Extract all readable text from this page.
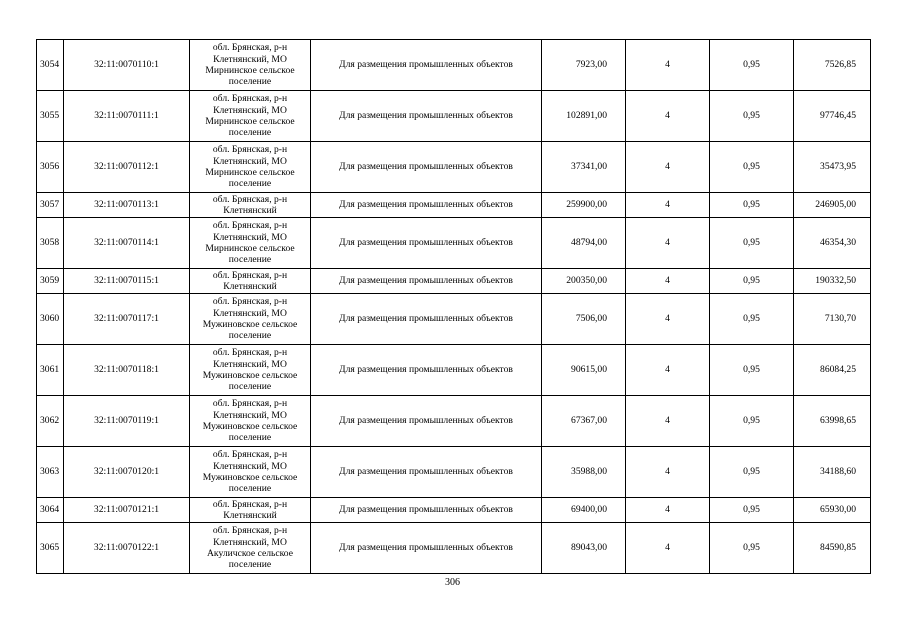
3054	32:11:0070110:1	обл. Брянская, р-н
Клетнянский, МО
Мирнинское сельское
поселение	Для размещения промышленных объектов	7923,00	4	0,95	7526,85
3055	32:11:0070111:1	обл. Брянская, р-н
Клетнянский, МО
Мирнинское сельское
поселение	Для размещения промышленных объектов	102891,00	4	0,95	97746,45
3056	32:11:0070112:1	обл. Брянская, р-н
Клетнянский, МО
Мирнинское сельское
поселение	Для размещения промышленных объектов	37341,00	4	0,95	35473,95
3057	32:11:0070113:1	обл. Брянская, р-н
Клетнянский	Для размещения промышленных объектов	259900,00	4	0,95	246905,00
3058	32:11:0070114:1	обл. Брянская, р-н
Клетнянский, МО
Мирнинское сельское
поселение	Для размещения промышленных объектов	48794,00	4	0,95	46354,30
3059	32:11:0070115:1	обл. Брянская, р-н
Клетнянский	Для размещения промышленных объектов	200350,00	4	0,95	190332,50
3060	32:11:0070117:1	обл. Брянская, р-н
Клетнянский, МО
Мужиновское сельское
поселение	Для размещения промышленных объектов	7506,00	4	0,95	7130,70
3061	32:11:0070118:1	обл. Брянская, р-н
Клетнянский, МО
Мужиновское сельское
поселение	Для размещения промышленных объектов	90615,00	4	0,95	86084,25
3062	32:11:0070119:1	обл. Брянская, р-н
Клетнянский, МО
Мужиновское сельское
поселение	Для размещения промышленных объектов	67367,00	4	0,95	63998,65
3063	32:11:0070120:1	обл. Брянская, р-н
Клетнянский, МО
Мужиновское сельское
поселение	Для размещения промышленных объектов	35988,00	4	0,95	34188,60
3064	32:11:0070121:1	обл. Брянская, р-н
Клетнянский	Для размещения промышленных объектов	69400,00	4	0,95	65930,00
3065	32:11:0070122:1	обл. Брянская, р-н
Клетнянский, МО
Акуличское сельское
поселение	Для размещения промышленных объектов	89043,00	4	0,95	84590,85
306
